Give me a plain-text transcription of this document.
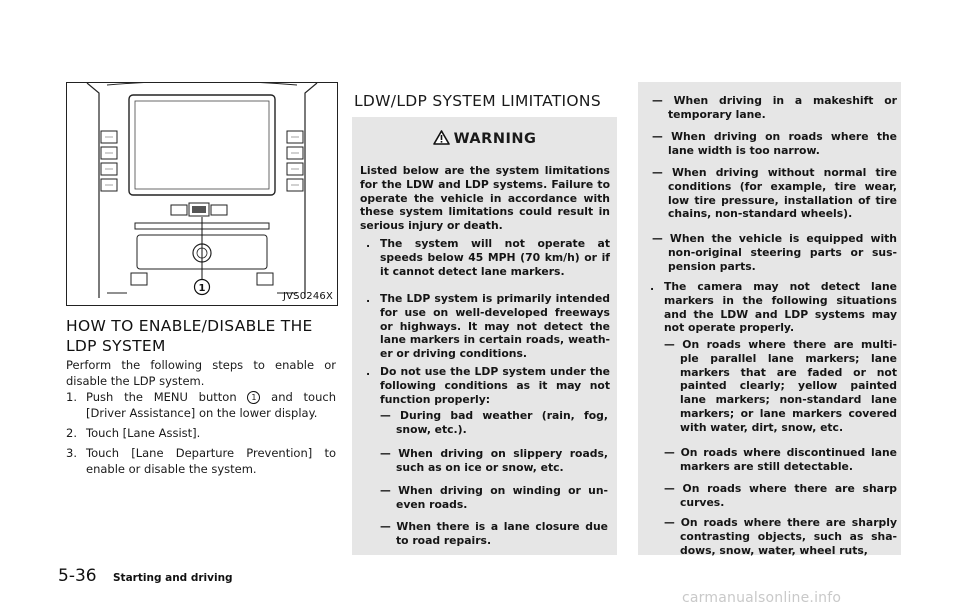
1
JVS0246X
HOW TO ENABLE/DISABLE THE
LDP SYSTEM
Perform the following steps to enable or disable the LDP system.
1. Push the MENU button 1 and touch [Driver Assistance] on the lower display.
2. Touch [Lane Assist].
3. Touch [Lane Departure Prevention] to enable or disable the system.
LDW/LDP SYSTEM LIMITATIONS
WARNING
Listed below are the system limitations for the LDW and LDP systems. Failure to operate the vehicle in accordance with these system limitations could result in serious injury or death.
. The system will not operate at speeds below 45 MPH (70 km/h) or if it cannot detect lane markers.
. The LDP system is primarily intended for use on well-developed freeways or highways. It may not detect the lane markers in certain roads, weath- er or driving conditions.
. Do not use the LDP system under the following conditions as it may not function properly:
— During bad weather (rain, fog, snow, etc.).
— When driving on slippery roads, such as on ice or snow, etc.
— When driving on winding or un- even roads.
— When there is a lane closure due to road repairs.
— When driving in a makeshift or temporary lane.
— When driving on roads where the lane width is too narrow.
— When driving without normal tire conditions (for example, tire wear, low tire pressure, installation of tire chains, non-standard wheels).
— When the vehicle is equipped with non-original steering parts or sus- pension parts.
. The camera may not detect lane markers in the following situations and the LDW and LDP systems may not operate properly.
— On roads where there are multi- ple parallel lane markers; lane markers that are faded or not painted clearly; yellow painted lane markers; non-standard lane markers; or lane markers covered with water, dirt, snow, etc.
— On roads where discontinued lane markers are still detectable.
— On roads where there are sharp curves.
— On roads where there are sharply contrasting objects, such as sha- dows, snow, water, wheel ruts,
5-36 Starting and driving
carmanualsonline.info
